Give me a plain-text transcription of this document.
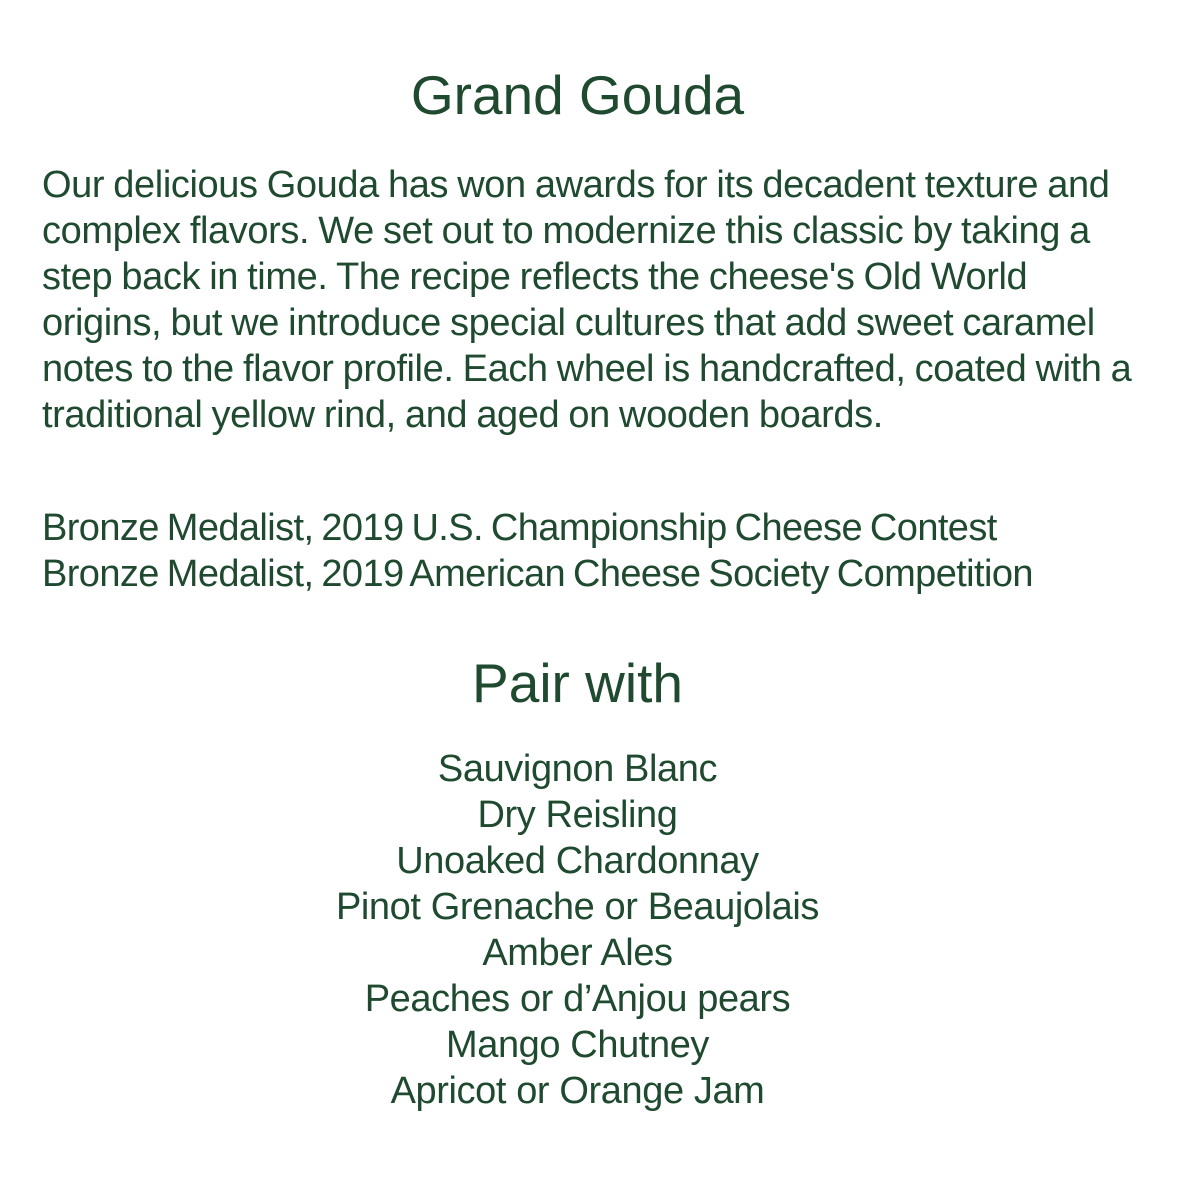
Grand Gouda

Our delicious Gouda has won awards for its decadent texture and complex flavors. We set out to modernize this classic by taking a step back in time. The recipe reflects the cheese's Old World origins, but we introduce special cultures that add sweet caramel notes to the flavor profile. Each wheel is handcrafted, coated with a traditional yellow rind, and aged on wooden boards.

Bronze Medalist, 2019 U.S. Championship Cheese Contest
Bronze Medalist, 2019 American Cheese Society Competition
Pair with
Sauvignon Blanc
Dry Reisling
Unoaked Chardonnay
Pinot Grenache or Beaujolais
Amber Ales
Peaches or d’Anjou pears
Mango Chutney
Apricot or Orange Jam
